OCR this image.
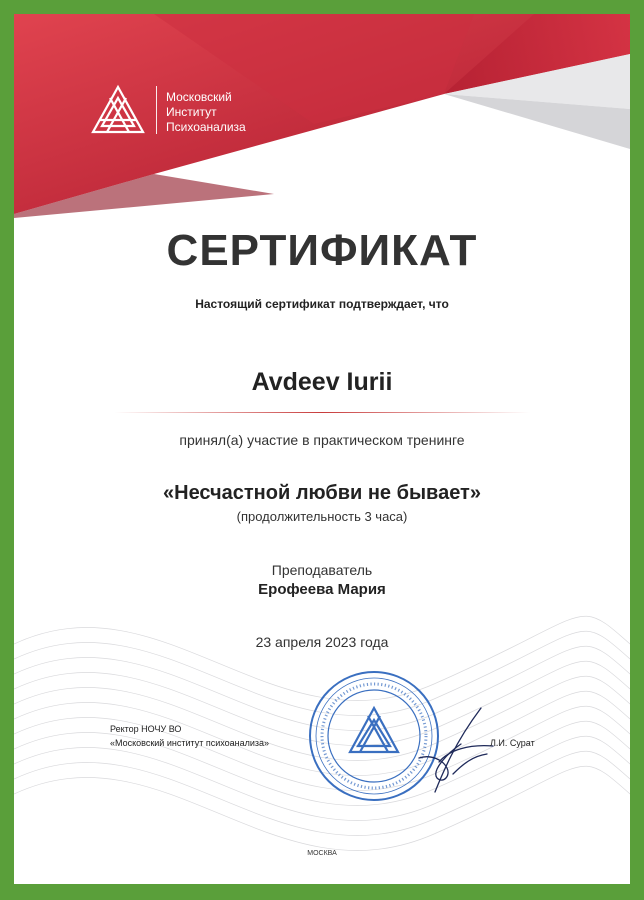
Московский
Институт
Психоанализа
СЕРТИФИКАТ
Настоящий сертификат подтверждает, что
Avdeev Iurii
принял(а) участие в практическом тренинге
«Несчастной любви не бывает»
(продолжительность 3 часа)
Преподаватель
Ерофеева Мария
23 апреля 2023 года
Ректор НОЧУ ВО
«Московский институт психоанализа»	Л.И. Сурат
МОСКВА
